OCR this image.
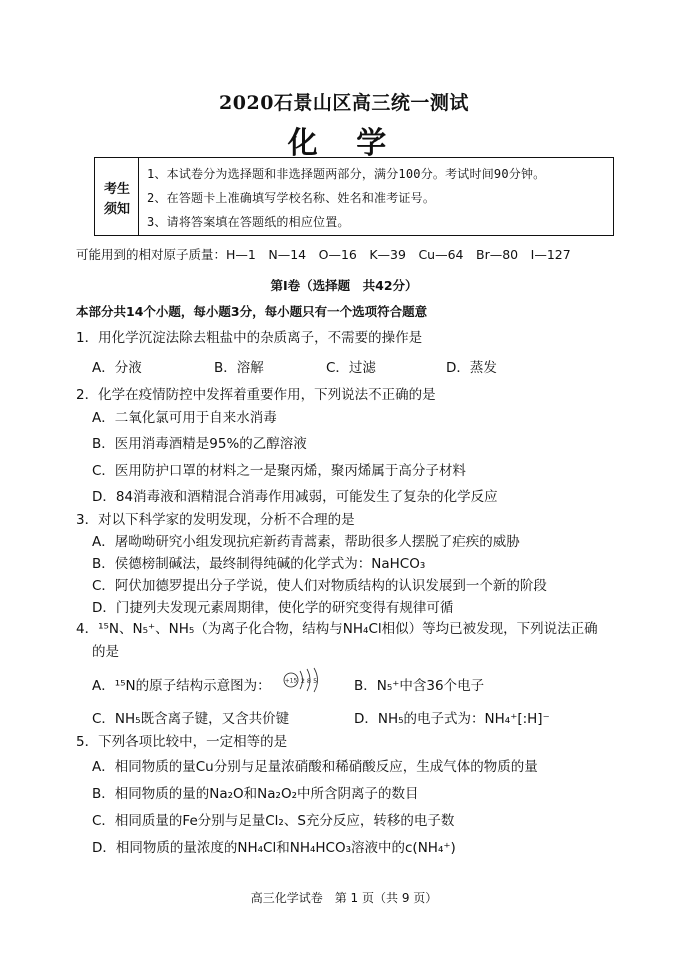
2020石景山区高三统一测试
化 学
考生
须知
1、本试卷分为选择题和非选择题两部分，满分100分。考试时间90分钟。
2、在答题卡上准确填写学校名称、姓名和准考证号。
3、请将答案填在答题纸的相应位置。
可能用到的相对原子质量：H—1　N—14　O—16　K—39　Cu—64　Br—80　I—127
第Ⅰ卷（选择题　共42分）
本部分共14个小题，每小题3分，每小题只有一个选项符合题意
1．用化学沉淀法除去粗盐中的杂质离子，不需要的操作是
A．分液	B．溶解	C．过滤	D．蒸发
2．化学在疫情防控中发挥着重要作用，下列说法不正确的是
A．二氧化氯可用于自来水消毒
B．医用消毒酒精是95%的乙醇溶液
C．医用防护口罩的材料之一是聚丙烯，聚丙烯属于高分子材料
D．84消毒液和酒精混合消毒作用减弱，可能发生了复杂的化学反应
3．对以下科学家的发明发现，分析不合理的是
A．屠呦呦研究小组发现抗疟新药青蒿素，帮助很多人摆脱了疟疾的威胁
B．侯德榜制碱法，最终制得纯碱的化学式为：NaHCO₃
C．阿伏加德罗提出分子学说，使人们对物质结构的认识发展到一个新的阶段
D．门捷列夫发现元素周期律，使化学的研究变得有规律可循
4．¹⁵N、N₅⁺、NH₅（为离子化合物，结构与NH₄Cl相似）等均已被发现，下列说法正确
的是
A．¹⁵N的原子结构示意图为： +15 2 8 5	B．N₅⁺中含36个电子
C．NH₅既含离子键，又含共价键	D．NH₅的电子式为：NH₄⁺[:H]⁻
5．下列各项比较中，一定相等的是
A．相同物质的量Cu分别与足量浓硝酸和稀硝酸反应，生成气体的物质的量
B．相同物质的量的Na₂O和Na₂O₂中所含阴离子的数目
C．相同质量的Fe分别与足量Cl₂、S充分反应，转移的电子数
D．相同物质的量浓度的NH₄Cl和NH₄HCO₃溶液中的c(NH₄⁺)
高三化学试卷　第 1 页（共 9 页）
